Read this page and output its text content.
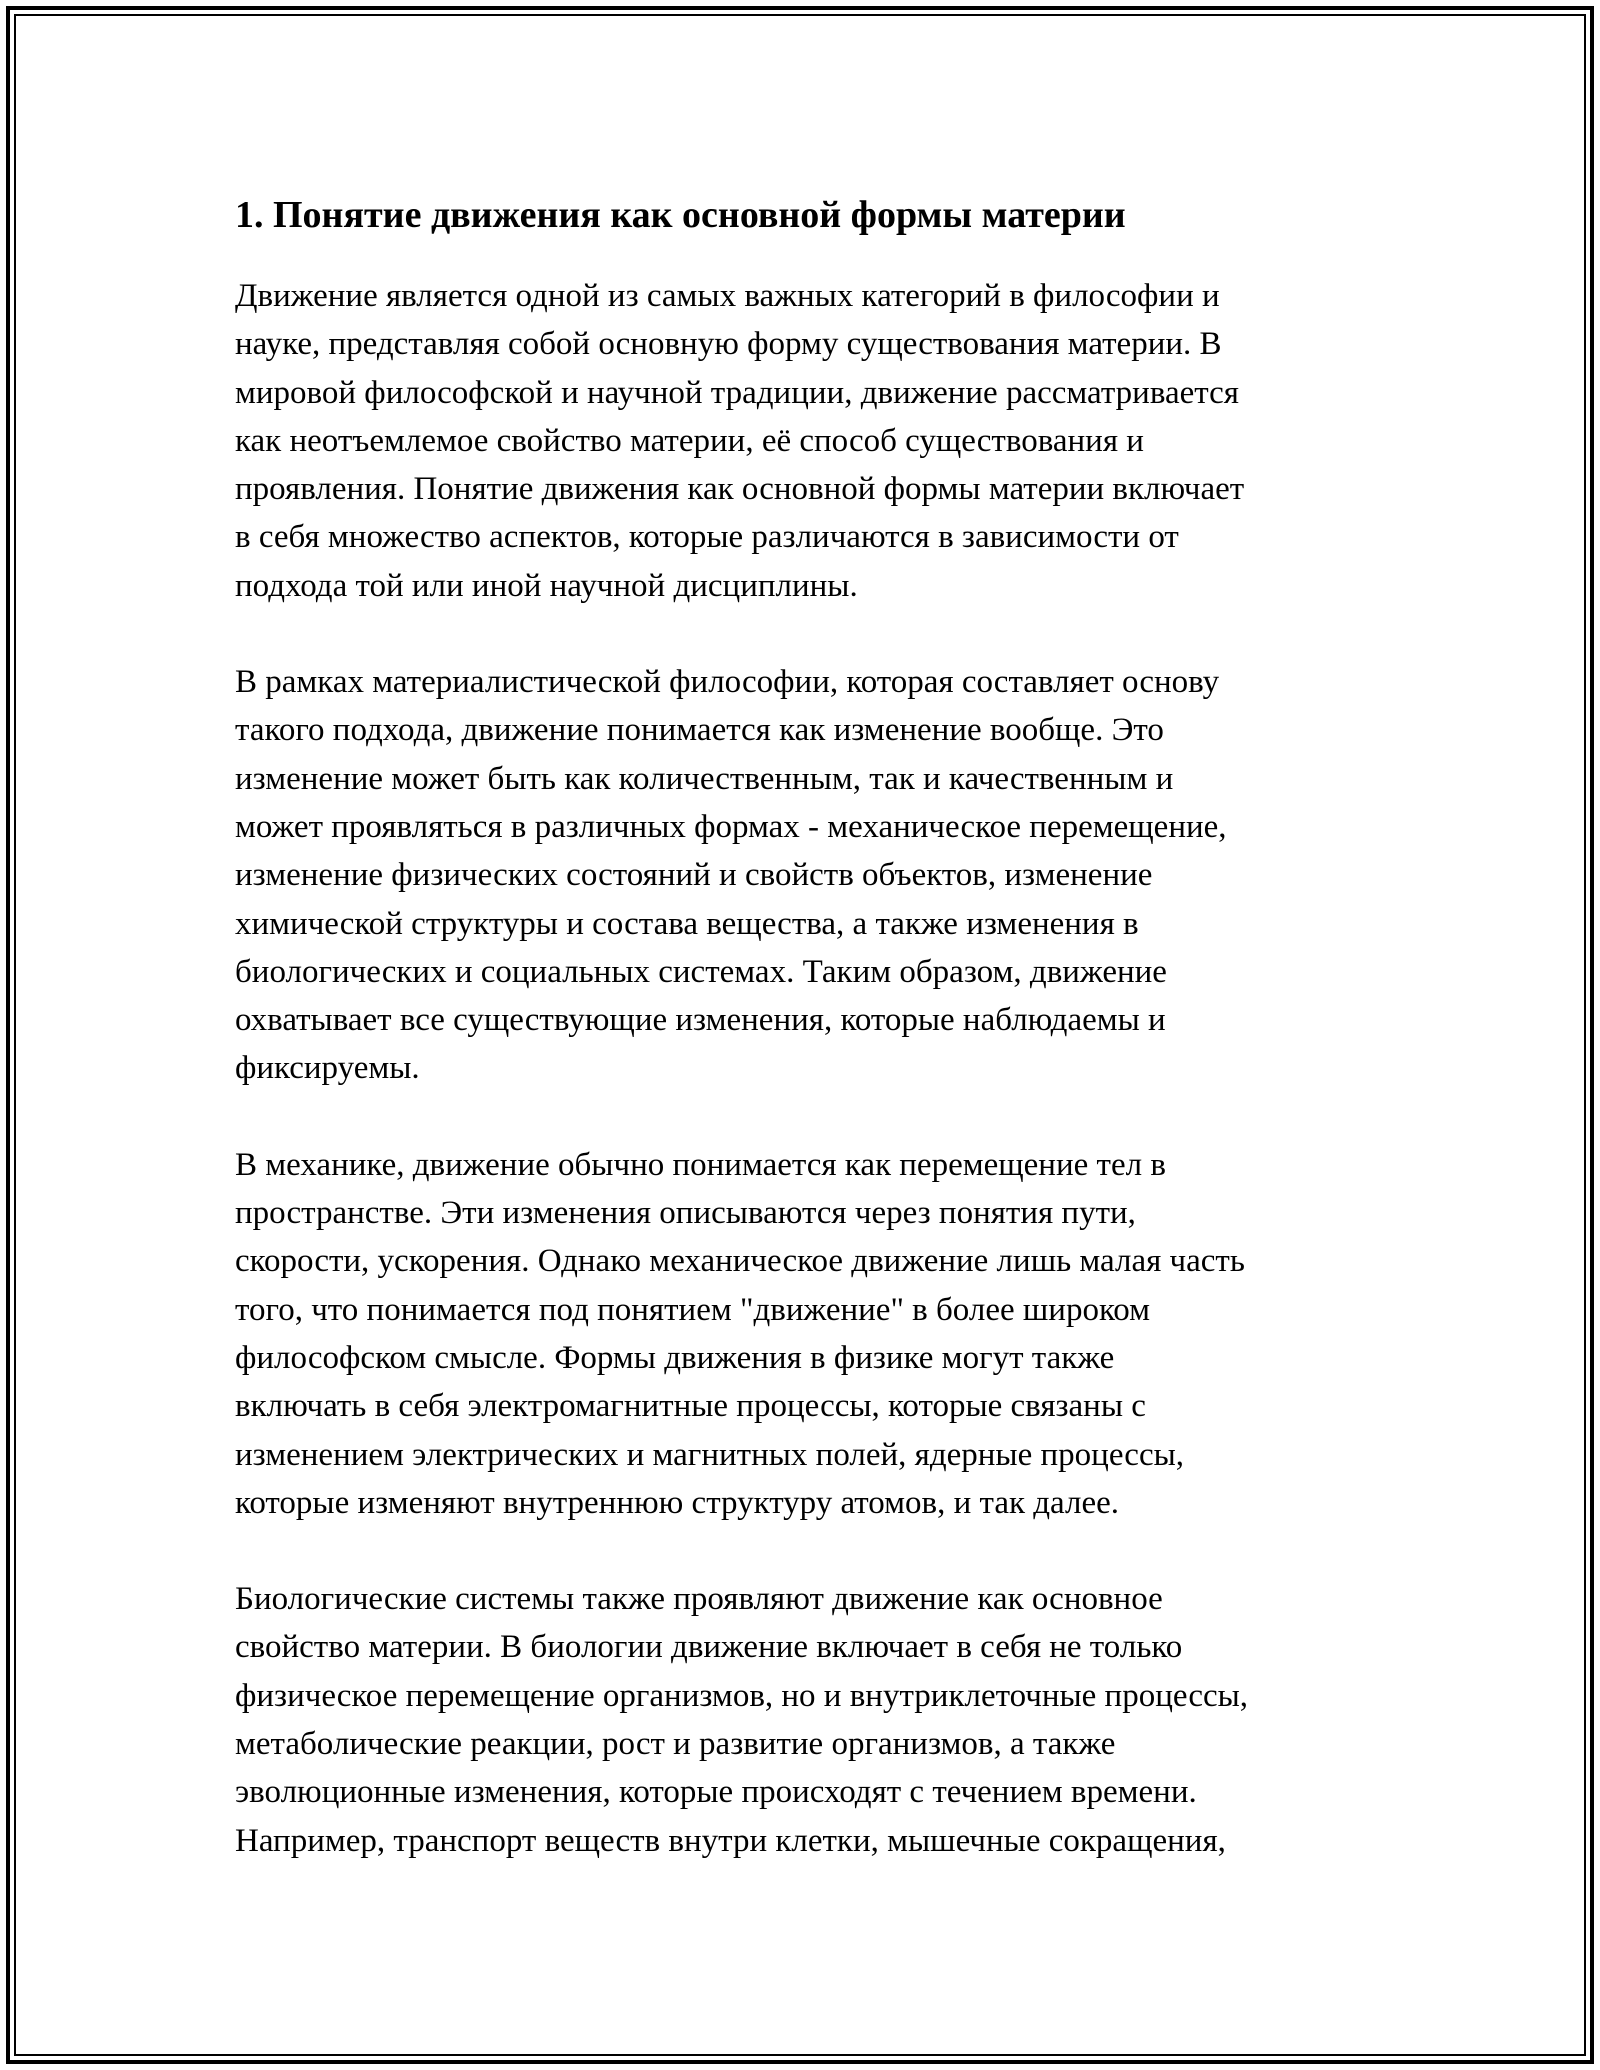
1. Понятие движения как основной формы материи

Движение является одной из самых важных категорий в философии и
науке, представляя собой основную форму существования материи. В
мировой философской и научной традиции, движение рассматривается
как неотъемлемое свойство материи, её способ существования и
проявления. Понятие движения как основной формы материи включает
в себя множество аспектов, которые различаются в зависимости от
подхода той или иной научной дисциплины.

В рамках материалистической философии, которая составляет основу
такого подхода, движение понимается как изменение вообще. Это
изменение может быть как количественным, так и качественным и
может проявляться в различных формах - механическое перемещение,
изменение физических состояний и свойств объектов, изменение
химической структуры и состава вещества, а также изменения в
биологических и социальных системах. Таким образом, движение
охватывает все существующие изменения, которые наблюдаемы и
фиксируемы.

В механике, движение обычно понимается как перемещение тел в
пространстве. Эти изменения описываются через понятия пути,
скорости, ускорения. Однако механическое движение лишь малая часть
того, что понимается под понятием "движение" в более широком
философском смысле. Формы движения в физике могут также
включать в себя электромагнитные процессы, которые связаны с
изменением электрических и магнитных полей, ядерные процессы,
которые изменяют внутреннюю структуру атомов, и так далее.

Биологические системы также проявляют движение как основное
свойство материи. В биологии движение включает в себя не только
физическое перемещение организмов, но и внутриклеточные процессы,
метаболические реакции, рост и развитие организмов, а также
эволюционные изменения, которые происходят с течением времени.
Например, транспорт веществ внутри клетки, мышечные сокращения,
